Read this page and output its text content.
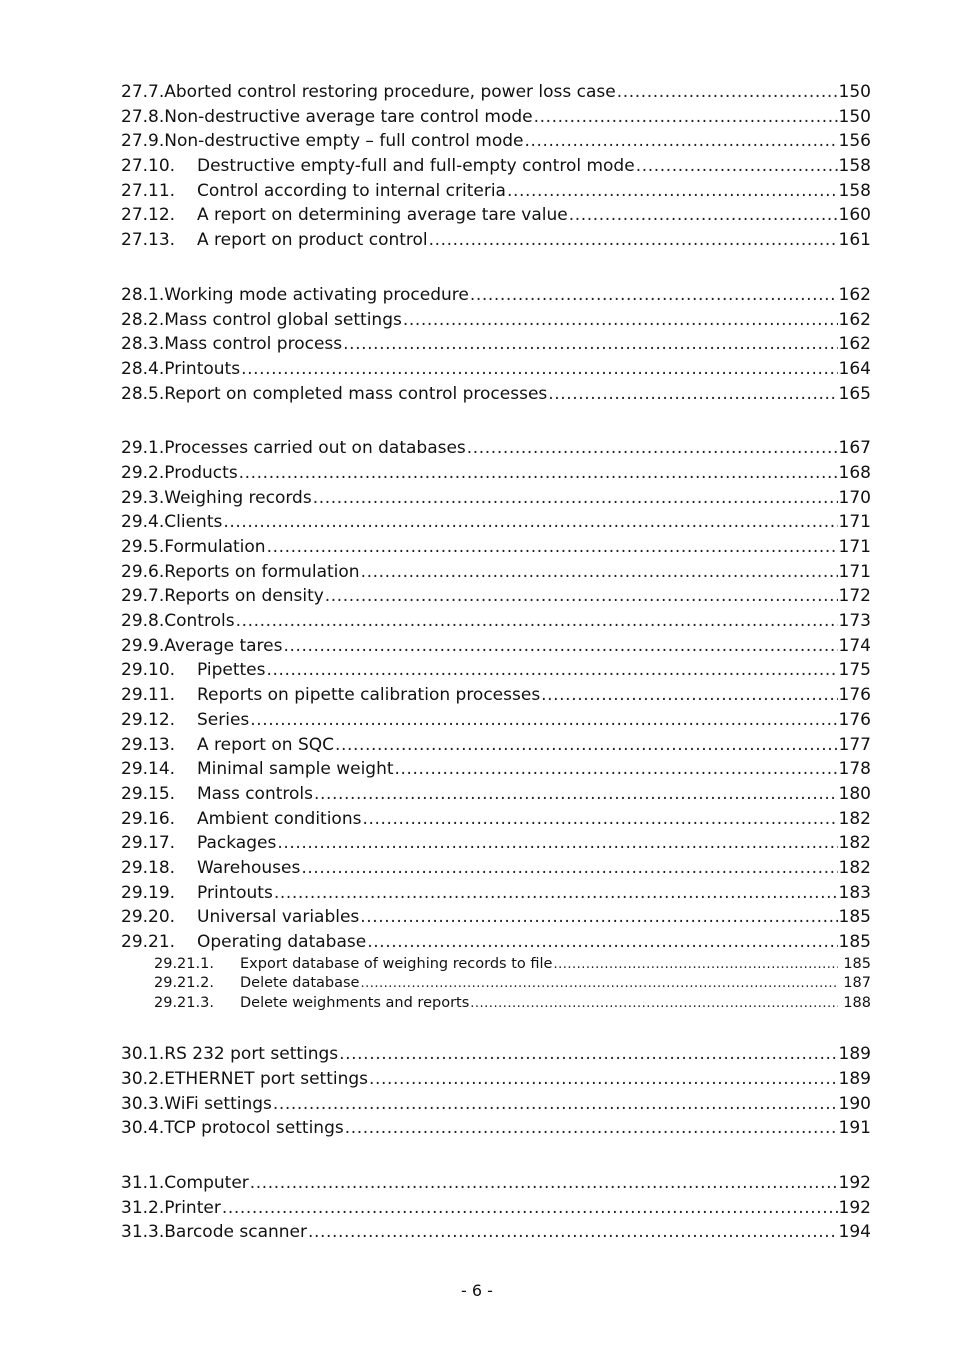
27.7. Aborted control restoring procedure, power loss case .....	150
27.8. Non-destructive average tare control mode .....	150
27.9. Non-destructive empty – full control mode .....	156
27.10.	Destructive empty-full and full-empty control mode .....	158
27.11.	Control according to internal criteria .....	158
27.12.	A report on determining average tare value .....	160
27.13.	A report on product control .....	161
28.1. Working mode activating procedure .....	162
28.2. Mass control global settings .....	162
28.3. Mass control process .....	162
28.4. Printouts .....	164
28.5. Report on completed mass control processes .....	165
29.1. Processes carried out on databases .....	167
29.2. Products .....	168
29.3. Weighing records .....	170
29.4. Clients .....	171
29.5. Formulation .....	171
29.6. Reports on formulation .....	171
29.7. Reports on density .....	172
29.8. Controls .....	173
29.9. Average tares .....	174
29.10.	Pipettes .....	175
29.11.	Reports on pipette calibration processes .....	176
29.12.	Series .....	176
29.13.	A report on SQC .....	177
29.14.	Minimal sample weight .....	178
29.15.	Mass controls .....	180
29.16.	Ambient conditions .....	182
29.17.	Packages .....	182
29.18.	Warehouses .....	182
29.19.	Printouts .....	183
29.20.	Universal variables .....	185
29.21.	Operating database .....	185
29.21.1.	Export database of weighing records to file .....	185
29.21.2.	Delete database .....	187
29.21.3.	Delete weighments and reports .....	188
30.1. RS 232 port settings .....	189
30.2. ETHERNET port settings .....	189
30.3. WiFi settings .....	190
30.4. TCP protocol settings .....	191
31.1. Computer .....	192
31.2. Printer .....	192
31.3. Barcode scanner .....	194
- 6 -
